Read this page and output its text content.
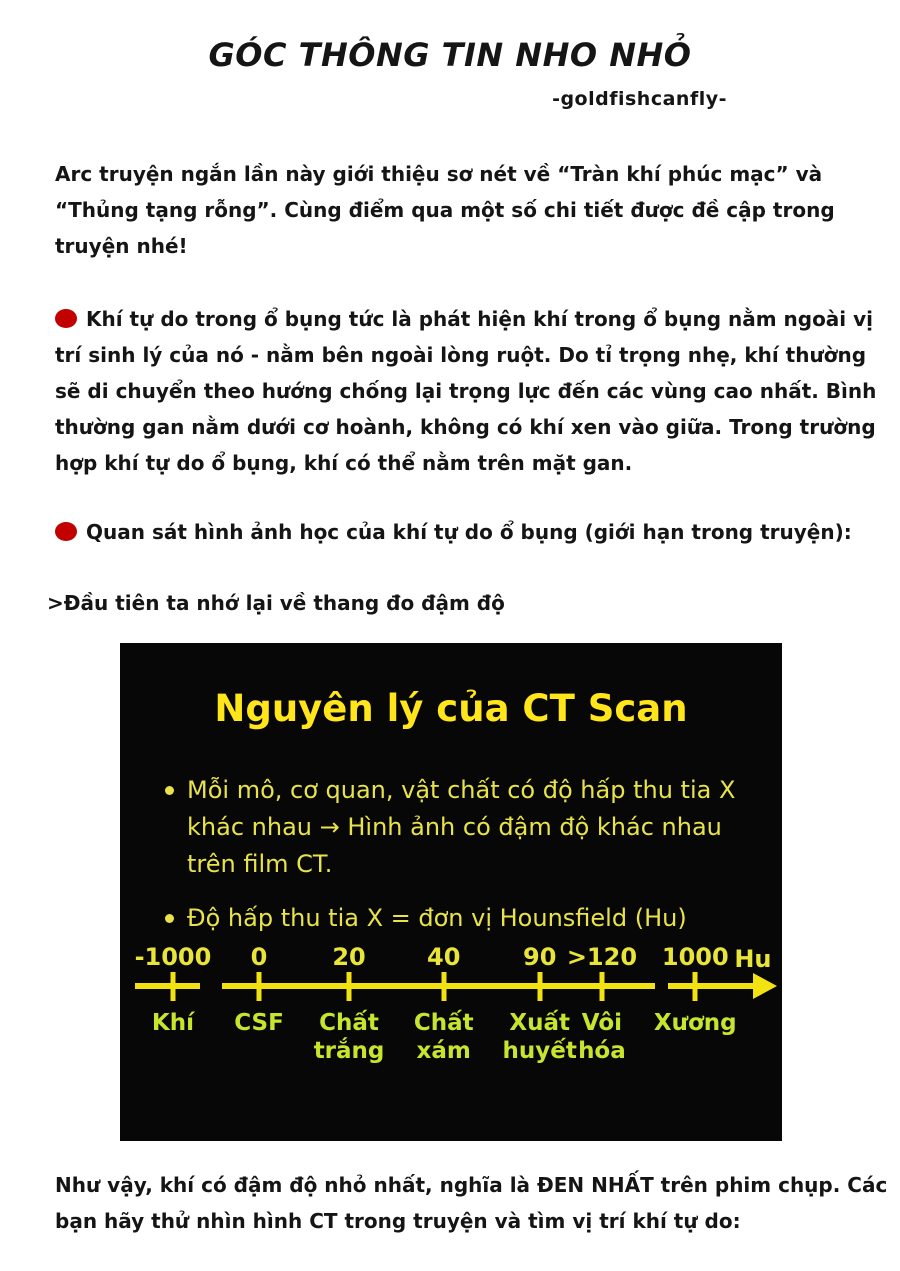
GÓC THÔNG TIN NHO NHỎ
-goldfishcanfly-
Arc truyện ngắn lần này giới thiệu sơ nét về “Tràn khí phúc mạc” và
“Thủng tạng rỗng”. Cùng điểm qua một số chi tiết được đề cập trong
truyện nhé!
Khí tự do trong ổ bụng tức là phát hiện khí trong ổ bụng nằm ngoài vị
trí sinh lý của nó - nằm bên ngoài lòng ruột. Do tỉ trọng nhẹ, khí thường
sẽ di chuyển theo hướng chống lại trọng lực đến các vùng cao nhất. Bình
thường gan nằm dưới cơ hoành, không có khí xen vào giữa. Trong trường
hợp khí tự do ổ bụng, khí có thể nằm trên mặt gan.
Quan sát hình ảnh học của khí tự do ổ bụng (giới hạn trong truyện):
>Đầu tiên ta nhớ lại về thang đo đậm độ
Nguyên lý của CT Scan
Mỗi mô, cơ quan, vật chất có độ hấp thu tia X khác nhau → Hình ảnh có đậm độ khác nhau trên film CT.
Độ hấp thu tia X = đơn vị Hounsfield (Hu)
Hu
-1000
Khí
0
CSF
20
Chất trắng
40
Chất xám
90
Xuất huyết
>120
Vôi hóa
1000
Xương
Như vậy, khí có đậm độ nhỏ nhất, nghĩa là ĐEN NHẤT trên phim chụp. Các
bạn hãy thử nhìn hình CT trong truyện và tìm vị trí khí tự do:
